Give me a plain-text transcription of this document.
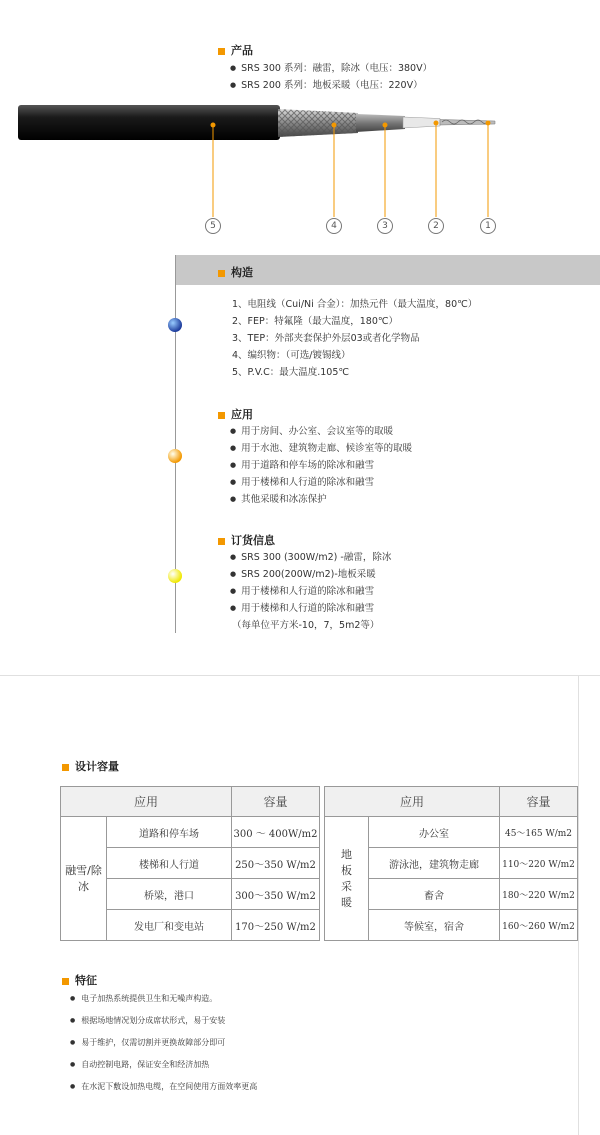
产品
● SRS 300 系列：融雷，除冰（电压：380V）
● SRS 200 系列：地板采暖（电压：220V）
5	4	3	2	1
构造
1、电阻线（Cui/Ni 合金）：加热元件（最大温度，80℃）
2、FEP：特氟隆（最大温度，180℃）
3、TEP：外部夹套保护外层03或者化学物品
4、编织物：（可选/镀锡线）
5、P.V.C：最大温度.105℃
应用
● 用于房间、办公室、会议室等的取暖
● 用于水池、建筑物走廊、候诊室等的取暖
● 用于道路和停车场的除冰和融雪
● 用于楼梯和人行道的除冰和融雪
● 其他采暖和冰冻保护
订货信息
● SRS 300 (300W/m2) -融雷，除冰
● SRS 200(200W/m2)-地板采暖
● 用于楼梯和人行道的除冰和融雪
● 用于楼梯和人行道的除冰和融雪
（每单位平方米-10，7，5m2等）
设计容量
应用		容量
融雪/除冰	道路和停车场	300 ～ 400W/m2
	楼梯和人行道	250～350 W/m2
	桥梁，港口	300～350 W/m2
	发电厂和变电站	170～250 W/m2
应用		容量
地板采暖	办公室	45～165 W/m2
	游泳池，建筑物走廊	110～220 W/m2
	畜舍	180～220 W/m2
	等候室，宿舍	160～260 W/m2
特征
● 电子加热系统提供卫生和无噪声构造。
● 根据场地情况划分成席状形式，易于安装
● 易于维护，仅需切割并更换故障部分即可
● 自动控制电路，保证安全和经济加热
● 在水泥下敷设加热电缆，在空间使用方面效率更高
